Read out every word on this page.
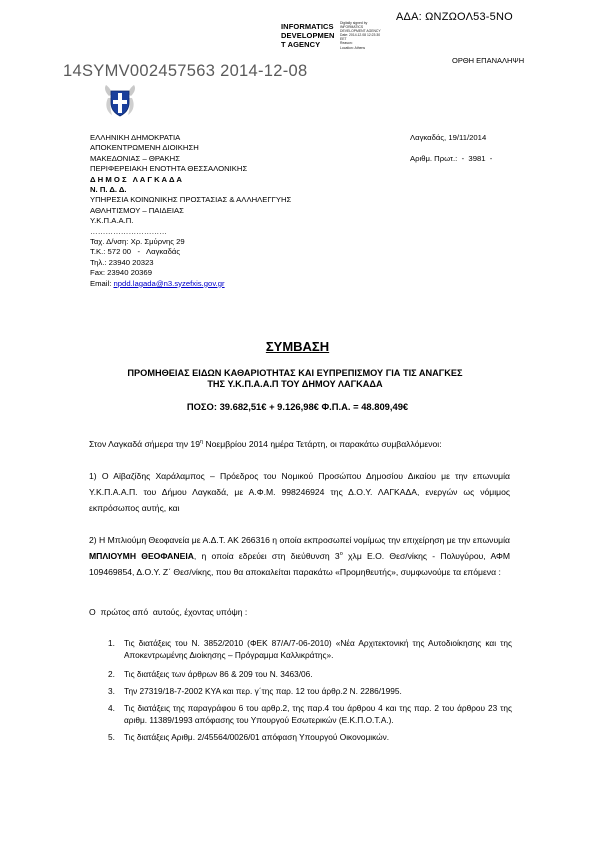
ΑΔΑ: ΩΝΖΩΟΛ53-5ΝΟ
INFORMATICS
DEVELOPMEN
T AGENCY
Digitally signed by
INFORMATICS
DEVELOPMENT AGENCY
Date: 2014.12.08 12:23:30
EET
Reason:
Location: Athens
ΟΡΘΗ ΕΠΑΝΑΛΗΨΗ
14SYMV002457563 2014-12-08
ΕΛΛΗΝΙΚΗ ΔΗΜΟΚΡΑΤΙΑ
ΑΠΟΚΕΝΤΡΩΜΕΝΗ ΔΙΟΙΚΗΣΗ
ΜΑΚΕΔΟΝΙΑΣ – ΘΡΑΚΗΣ
ΠΕΡΙΦΕΡΕΙΑΚΗ ΕΝΟΤΗΤΑ ΘΕΣΣΑΛΟΝΙΚΗΣ
Δ Η Μ Ο Σ   Λ Α Γ Κ Α Δ Α
Ν. Π. Δ. Δ.
ΥΠΗΡΕΣΙΑ ΚΟΙΝΩΝΙΚΗΣ ΠΡΟΣΤΑΣΙΑΣ & ΑΛΛΗΛΕΓΓΥΗΣ
ΑΘΛΗΤΙΣΜΟΥ – ΠΑΙΔΕΙΑΣ
Υ.Κ.Π.Α.Α.Π.
…………………………
Ταχ. Δ/νση: Χρ. Σμύρνης 29
Τ.Κ.: 572 00   -   Λαγκαδάς
Τηλ.: 23940 20323
Fax: 23940 20369
Email: npdd.lagada@n3.syzefxis.gov.gr
Λαγκαδάς, 19/11/2014
Αριθμ. Πρωτ.:  -  3981  -
ΣΥΜΒΑΣΗ
ΠΡΟΜΗΘΕΙΑΣ ΕΙΔΩΝ ΚΑΘΑΡΙΟΤΗΤΑΣ ΚΑΙ ΕΥΠΡΕΠΙΣΜΟΥ ΓΙΑ ΤΙΣ ΑΝΑΓΚΕΣ
ΤΗΣ Υ.Κ.Π.Α.Α.Π ΤΟΥ ΔΗΜΟΥ ΛΑΓΚΑΔΑ
ΠΟΣΟ: 39.682,51€ + 9.126,98€ Φ.Π.Α. = 48.809,49€
Στον Λαγκαδά σήμερα την $19^\eta$ Νοεμβρίου 2014 ημέρα Τετάρτη, οι παρακάτω συμβαλλόμενοι:
1) Ο Αϊβαζίδης Χαράλαμπος – Πρόεδρος του Νομικού Προσώπου Δημοσίου Δικαίου με την επωνυμία Υ.Κ.Π.Α.Α.Π. του Δήμου Λαγκαδά, με Α.Φ.Μ. 998246924 της Δ.Ο.Υ. ΛΑΓΚΑΔΑ, ενεργών ως νόμιμος εκπρόσωπος αυτής, και
2) Η Μπλιούμη Θεοφανεία με Α.Δ.Τ. ΑΚ 266316 η οποία εκπροσωπεί νομίμως την επιχείρηση με την επωνυμία ΜΠΛΙΟΥΜΗ ΘΕΟΦΑΝΕΙΑ, η οποία εδρεύει στη διεύθυνση $3^o$ χλμ Ε.Ο. Θεσ/νίκης - Πολυγύρου, ΑΦΜ 109469854, Δ.Ο.Υ. Ζ΄ Θεσ/νίκης, που θα αποκαλείται παρακάτω «Προμηθευτής», συμφωνούμε τα επόμενα :
Ο  πρώτος από  αυτούς, έχοντας υπόψη :
1. Τις διατάξεις του Ν. 3852/2010 (ΦΕΚ 87/Α/7-06-2010) «Νέα Αρχιτεκτονική της Αυτοδιοίκησης και της Αποκεντρωμένης Διοίκησης – Πρόγραμμα Καλλικράτης».
2. Τις διατάξεις των άρθρων 86 & 209 του Ν. 3463/06.
3. Την 27319/18-7-2002 ΚΥΑ και περ. γ΄της παρ. 12 του άρθρ.2 Ν. 2286/1995.
4. Τις διατάξεις της παραγράφου 6 του αρθρ.2, της παρ.4 του άρθρου 4 και της παρ. 2 του άρθρου 23 της αριθμ. 11389/1993 απόφασης του Υπουργού Εσωτερικών (Ε.Κ.Π.Ο.Τ.Α.).
5. Τις διατάξεις Αριθμ. 2/45564/0026/01 απόφαση Υπουργού Οικονομικών.
